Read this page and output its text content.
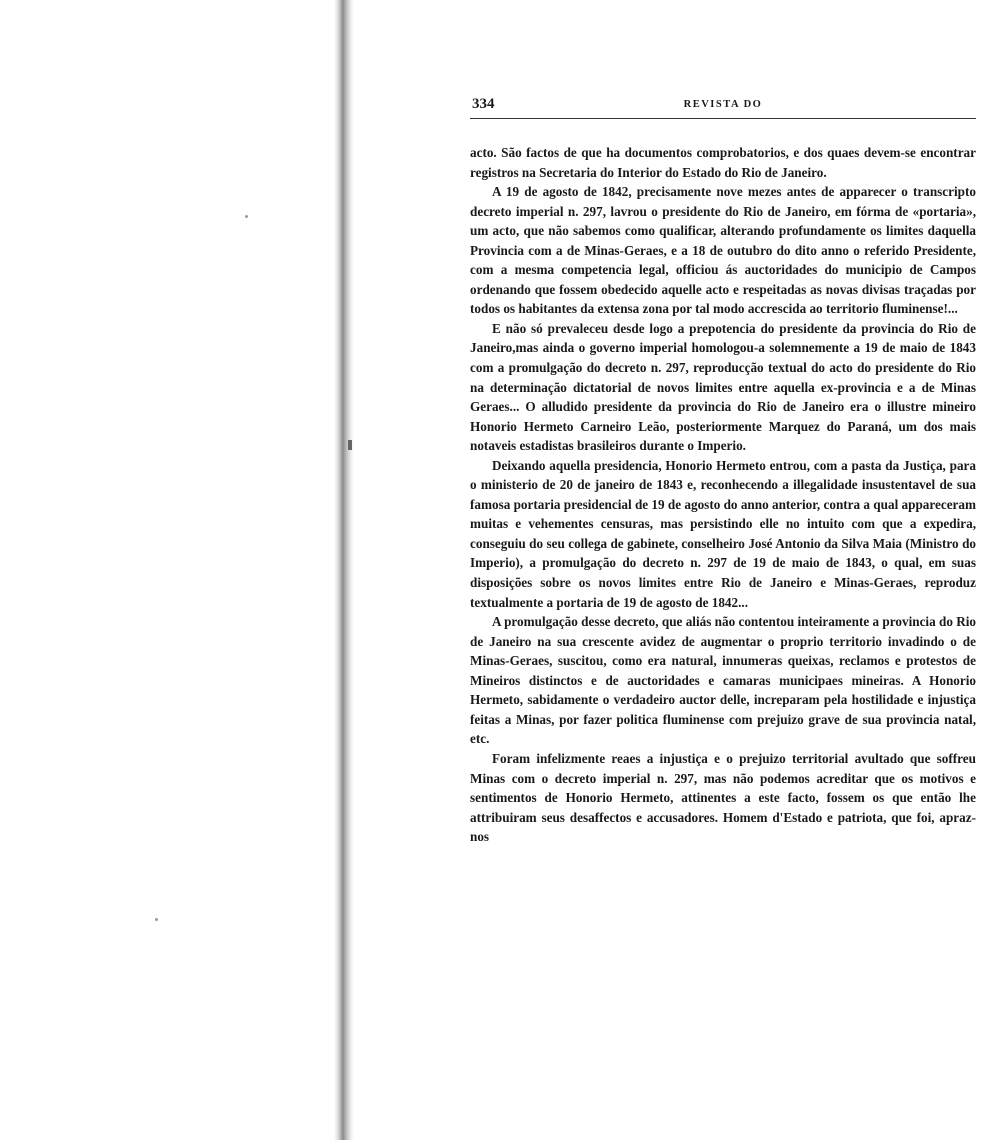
334	REVISTA DO

acto. São factos de que ha documentos comprobatorios, e dos quaes devem-se encontrar registros na Secretaria do Interior do Estado do Rio de Janeiro.

A 19 de agosto de 1842, precisamente nove mezes antes de apparecer o transcripto decreto imperial n. 297, lavrou o presidente do Rio de Janeiro, em fórma de «portaria», um acto, que não sabemos como qualificar, alterando profundamente os limites daquella Provincia com a de Minas-Geraes, e a 18 de outubro do dito anno o referido Presidente, com a mesma competencia legal, officiou ás auctoridades do municipio de Campos ordenando que fossem obedecido aquelle acto e respeitadas as novas divisas traçadas por todos os habitantes da extensa zona por tal modo accrescida ao territorio fluminense!...

E não só prevaleceu desde logo a prepotencia do presidente da provincia do Rio de Janeiro,mas ainda o governo imperial homologou-a solemnemente a 19 de maio de 1843 com a promulgação do decreto n. 297, reproducção textual do acto do presidente do Rio na determinação dictatorial de novos limites entre aquella ex-provincia e a de Minas Geraes... O alludido presidente da provincia do Rio de Janeiro era o illustre mineiro Honorio Hermeto Carneiro Leão, posteriormente Marquez do Paraná, um dos mais notaveis estadistas brasileiros durante o Imperio.

Deixando aquella presidencia, Honorio Hermeto entrou, com a pasta da Justiça, para o ministerio de 20 de janeiro de 1843 e, reconhecendo a illegalidade insustentavel de sua famosa portaria presidencial de 19 de agosto do anno anterior, contra a qual appareceram muitas e vehementes censuras, mas persistindo elle no intuito com que a expedira, conseguiu do seu collega de gabinete, conselheiro José Antonio da Silva Maia (Ministro do Imperio), a promulgação do decreto n. 297 de 19 de maio de 1843, o qual, em suas disposições sobre os novos limites entre Rio de Janeiro e Minas-Geraes, reproduz textualmente a portaria de 19 de agosto de 1842...

A promulgação desse decreto, que aliás não contentou inteiramente a provincia do Rio de Janeiro na sua crescente avidez de augmentar o proprio territorio invadindo o de Minas-Geraes, suscitou, como era natural, innumeras queixas, reclamos e protestos de Mineiros distinctos e de auctoridades e camaras municipaes mineiras. A Honorio Hermeto, sabidamente o verdadeiro auctor delle, increparam pela hostilidade e injustiça feitas a Minas, por fazer politica fluminense com prejuizo grave de sua provincia natal, etc.

Foram infelizmente reaes a injustiça e o prejuizo territorial avultado que soffreu Minas com o decreto imperial n. 297, mas não podemos acreditar que os motivos e sentimentos de Honorio Hermeto, attinentes a este facto, fossem os que então lhe attribuiram seus desaffectos e accusadores. Homem d'Estado e patriota, que foi, apraz-nos
